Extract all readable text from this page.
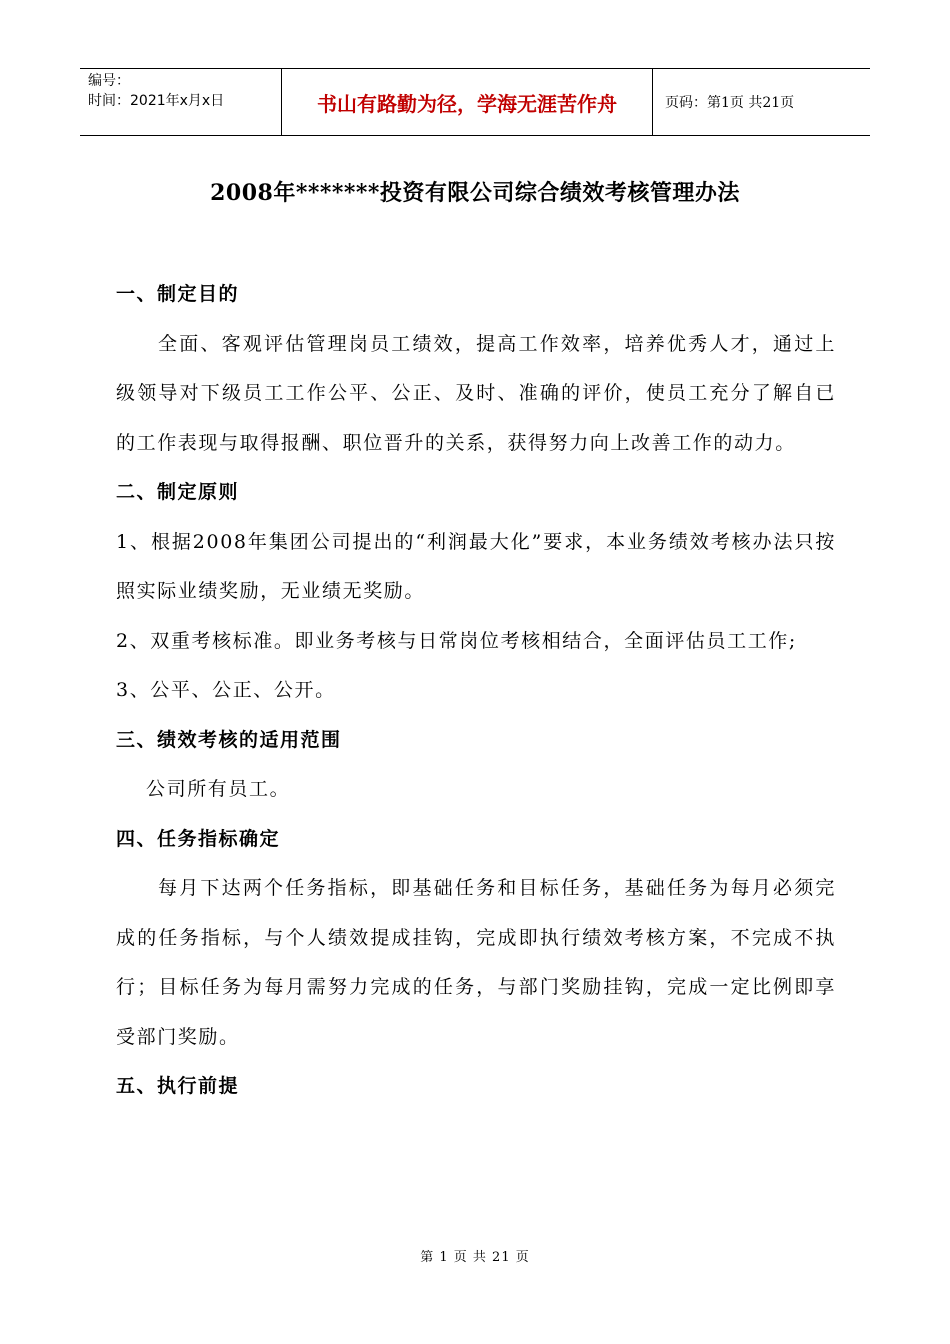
编号：
时间：2021年x月x日	书山有路勤为径，学海无涯苦作舟	页码：第1页 共21页
2008年*******投资有限公司综合绩效考核管理办法

一、制定目的

全面、客观评估管理岗员工绩效，提高工作效率，培养优秀人才，通过上级领导对下级员工工作公平、公正、及时、准确的评价，使员工充分了解自已的工作表现与取得报酬、职位晋升的关系，获得努力向上改善工作的动力。

二、制定原则

1、根据2008年集团公司提出的“利润最大化”要求，本业务绩效考核办法只按照实际业绩奖励，无业绩无奖励。

2、双重考核标准。即业务考核与日常岗位考核相结合，全面评估员工工作;

3、公平、公正、公开。

三、绩效考核的适用范围

公司所有员工。

四、任务指标确定

每月下达两个任务指标，即基础任务和目标任务，基础任务为每月必须完成的任务指标，与个人绩效提成挂钩，完成即执行绩效考核方案，不完成不执行；目标任务为每月需努力完成的任务，与部门奖励挂钩，完成一定比例即享受部门奖励。

五、执行前提

第 1 页 共 21 页
